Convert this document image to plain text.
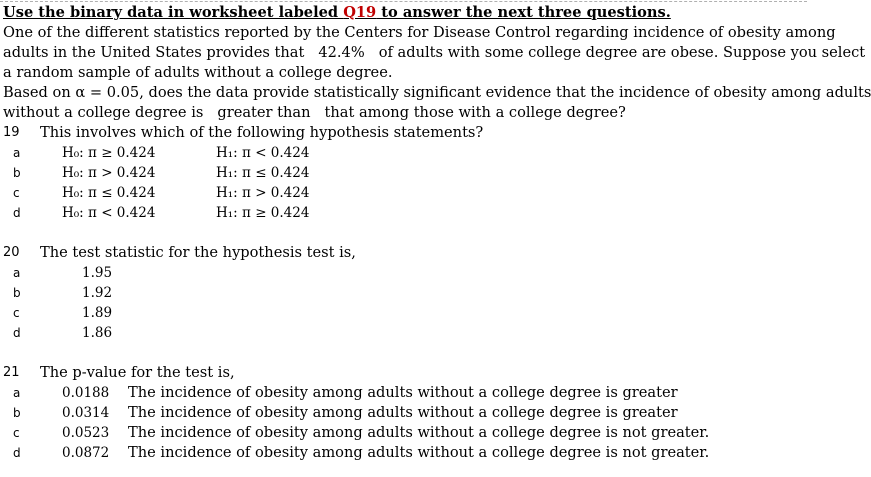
Use the binary data in worksheet labeled Q19 to answer the next three questions.
One of the different statistics reported by the Centers for Disease Control regarding incidence of obesity among
adults in the United States provides that 42.4% of adults with some college degree are obese. Suppose you select
a random sample of adults without a college degree.
Based on α = 0.05, does the data provide statistically significant evidence that the incidence of obesity among adults
without a college degree is greater than that among those with a college degree?
19 This involves which of the following hypothesis statements?
a	H₀: π ≥ 0.424	H₁: π < 0.424
b	H₀: π > 0.424	H₁: π ≤ 0.424
c	H₀: π ≤ 0.424	H₁: π > 0.424
d	H₀: π < 0.424	H₁: π ≥ 0.424
20 The test statistic for the hypothesis test is,
a	1.95
b	1.92
c	1.89
d	1.86
21 The p-value for the test is,
a	0.0188 The incidence of obesity among adults without a college degree is greater
b	0.0314 The incidence of obesity among adults without a college degree is greater
c	0.0523 The incidence of obesity among adults without a college degree is not greater.
d	0.0872 The incidence of obesity among adults without a college degree is not greater.
